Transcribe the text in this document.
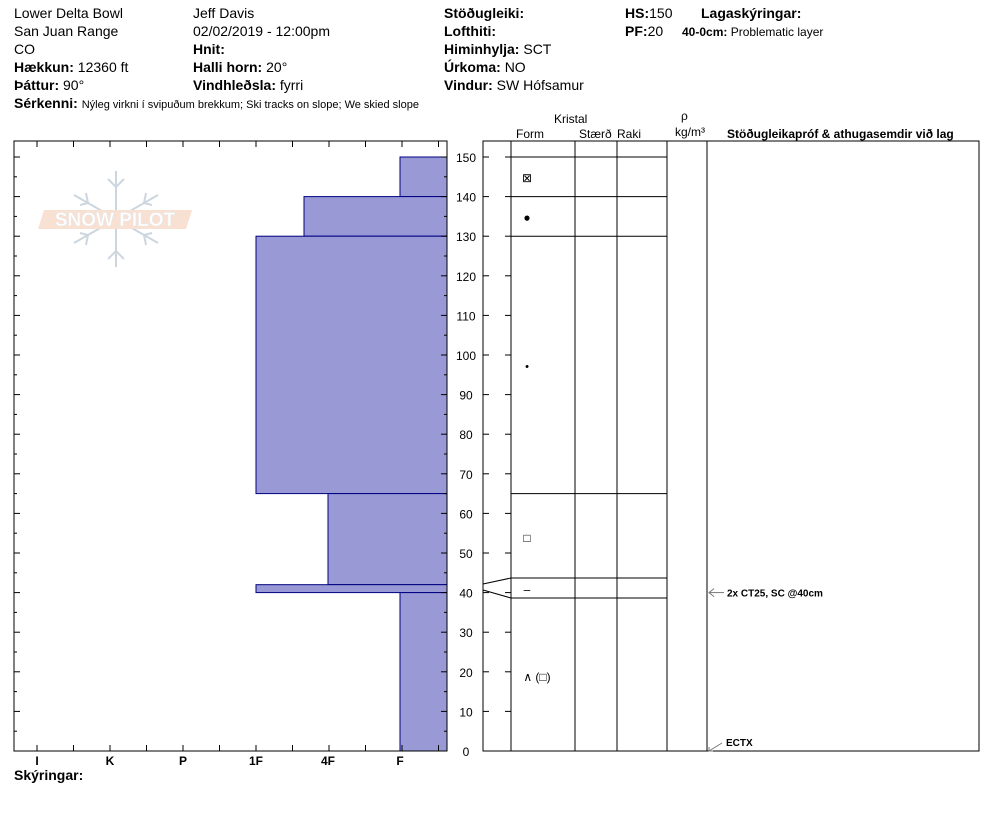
Lower Delta Bowl
San Juan Range
CO
Hækkun: 12360 ft
Þáttur: 90°
Sérkenni: Nýleg virkni í svipuðum brekkum; Ski tracks on slope; We skied slope
Jeff Davis
02/02/2019 - 12:00pm
Hnit:
Halli horn: 20°
Vindhleðsla: fyrri
Stöðugleiki:
Lofthiti:
Himinhylja: SCT
Úrkoma: NO
Vindur: SW Hófsamur
HS:150
PF:20
Lagaskýringar:
40-0cm: Problematic layer
Kristal
Form	Stærð Raki
ρ
kg/m³ Stöðugleikapróf & athugasemdir við lag
Skýringar:
SNOW PILOT
0
10
20
30
40
50
60
70
80
90
100
110
120
130
140
150
I	K	P	1F	4F	F
⊠
●
•
□
–
∧ (□)
2x CT25, SC @40cm
ECTX
